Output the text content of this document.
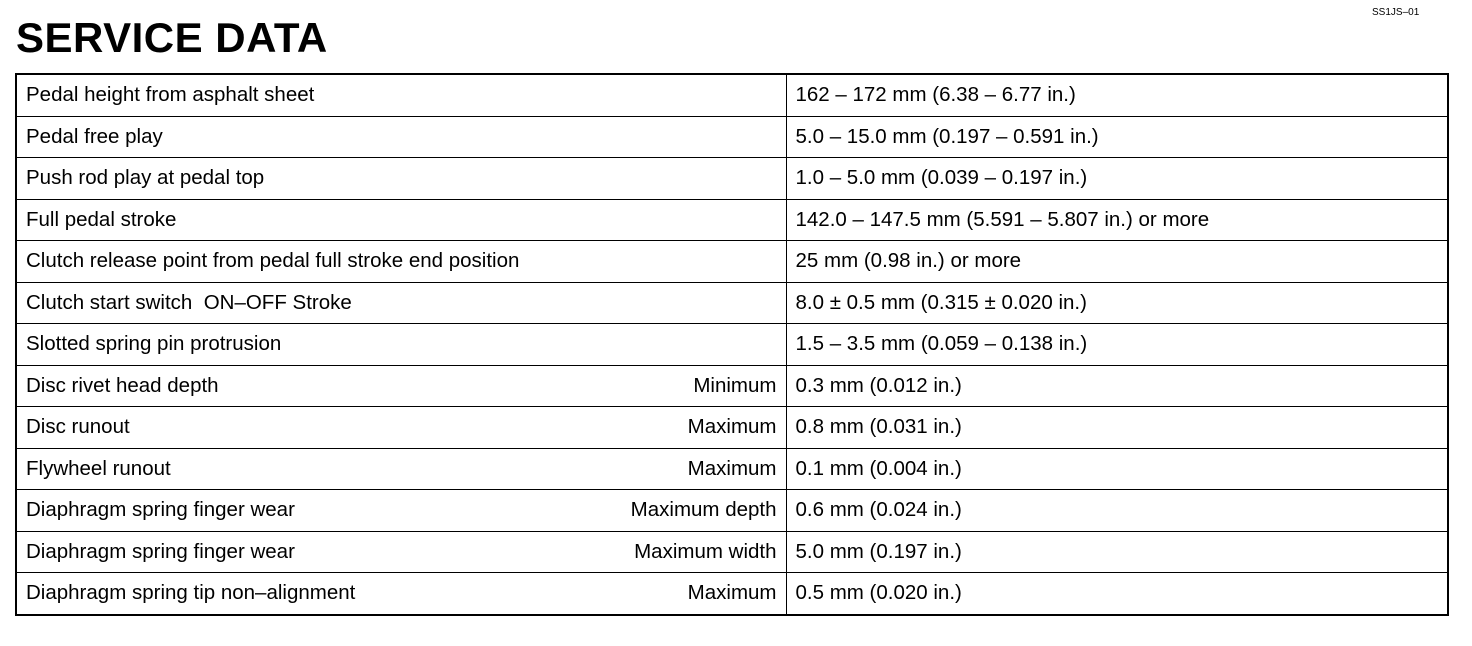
SERVICE DATA
SS1JS–01
Pedal height from asphalt sheet	162 – 172 mm (6.38 – 6.77 in.)

Pedal free play	5.0 – 15.0 mm (0.197 – 0.591 in.)

Push rod play at pedal top	1.0 – 5.0 mm (0.039 – 0.197 in.)

Full pedal stroke	142.0 – 147.5 mm (5.591 – 5.807 in.) or more

Clutch release point from pedal full stroke end position	25 mm (0.98 in.) or more

Clutch start switch  ON–OFF Stroke	8.0 ± 0.5 mm (0.315 ± 0.020 in.)

Slotted spring pin protrusion	1.5 – 3.5 mm (0.059 – 0.138 in.)

Disc rivet head depth Minimum	0.3 mm (0.012 in.)

Disc runout Maximum	0.8 mm (0.031 in.)

Flywheel runout Maximum	0.1 mm (0.004 in.)

Diaphragm spring finger wear Maximum depth	0.6 mm (0.024 in.)

Diaphragm spring finger wear Maximum width	5.0 mm (0.197 in.)

Diaphragm spring tip non–alignment Maximum	0.5 mm (0.020 in.)
